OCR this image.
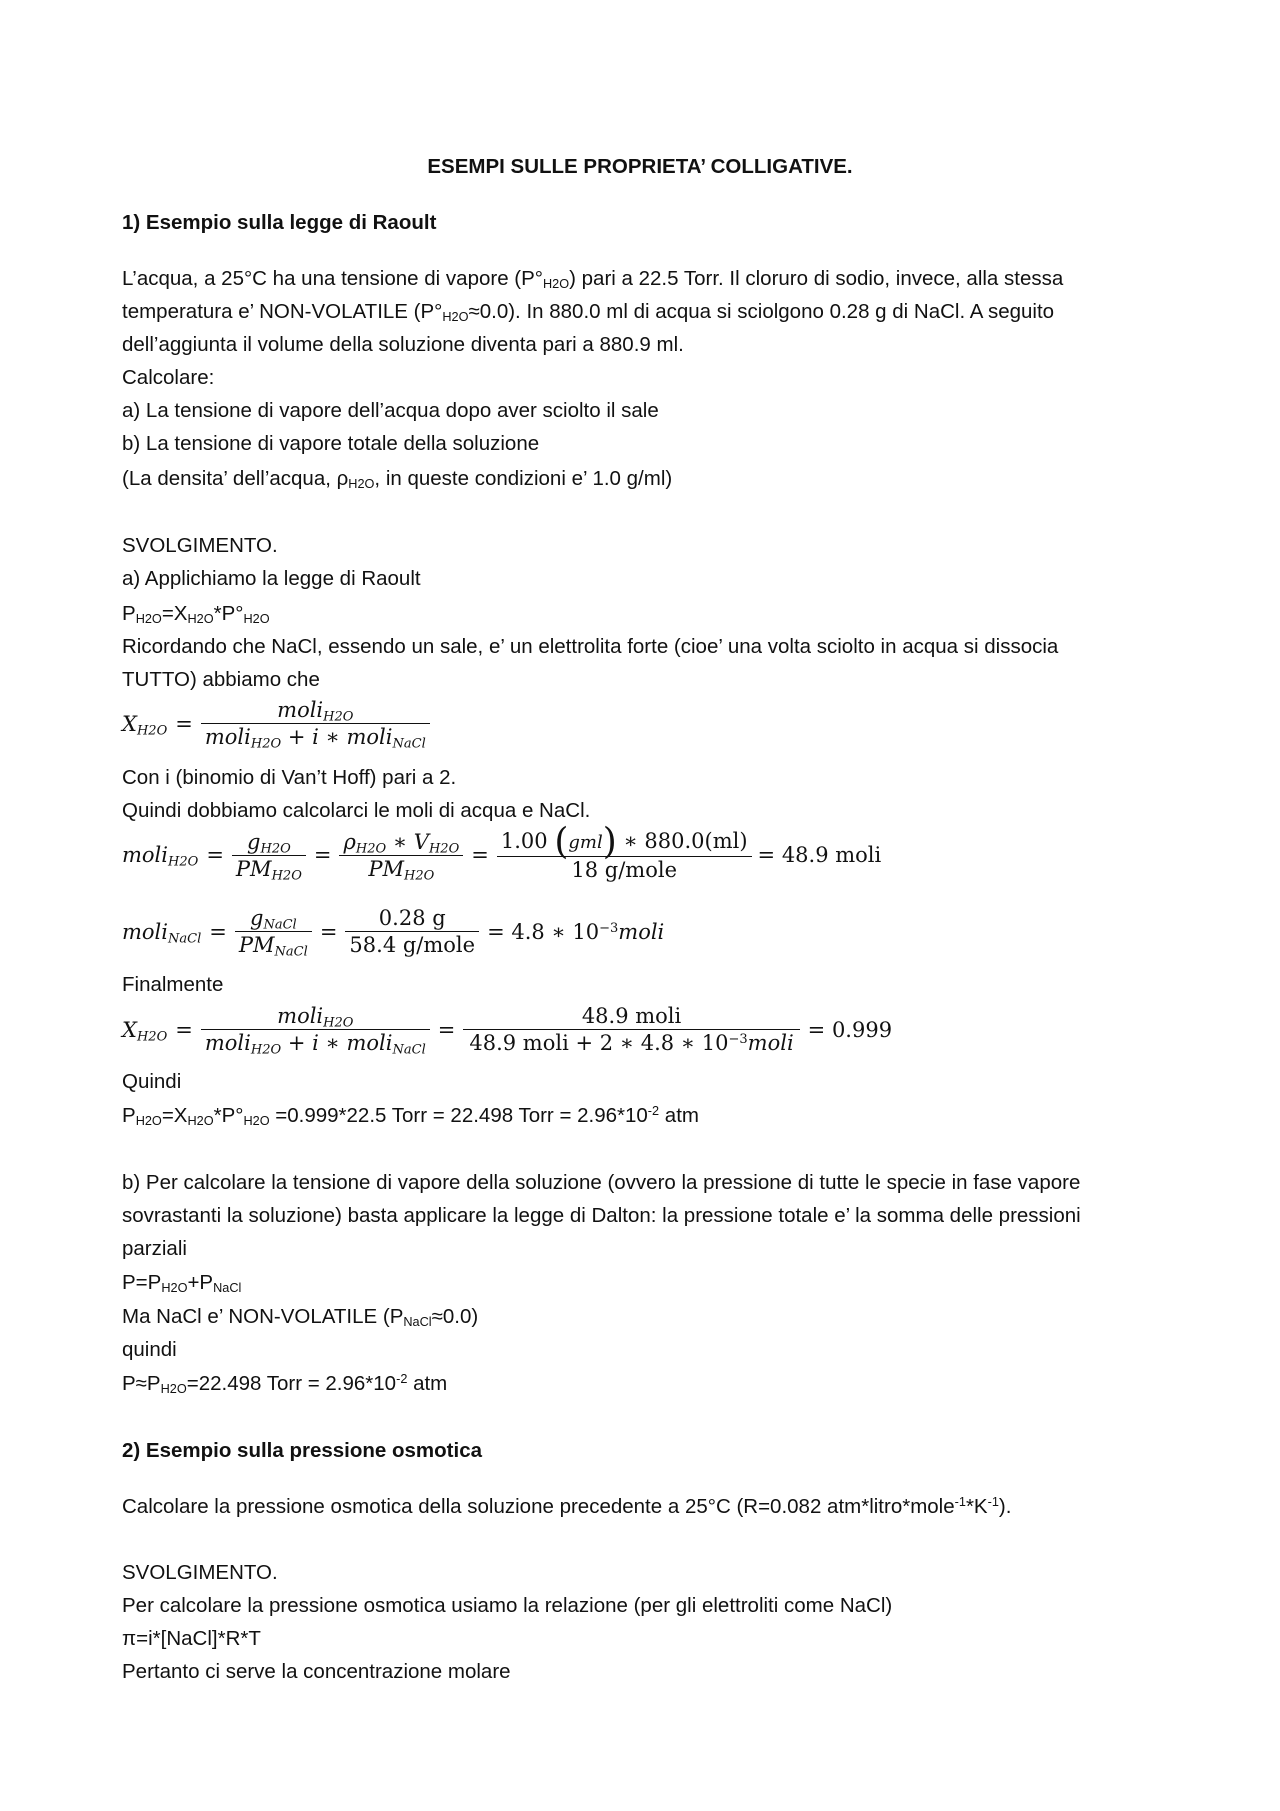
ESEMPI SULLE PROPRIETA’ COLLIGATIVE.
1) Esempio sulla legge di Raoult
L’acqua, a 25°C ha una tensione di vapore $(P^\circ_{H2O})$ pari a 22.5 Torr. Il cloruro di sodio, invece, alla stessa
temperatura e’ NON-VOLATILE $(P^\circ_{H2O}\approx 0.0)$. In 880.0 ml di acqua si sciolgono 0.28 g di NaCl. A seguito
dell’aggiunta il volume della soluzione diventa pari a 880.9 ml.
Calcolare:
a) La tensione di vapore dell’acqua dopo aver sciolto il sale
b) La tensione di vapore totale della soluzione
(La densita’ dell’acqua, $\rho_{H2O}$, in queste condizioni e’ 1.0 g/ml)
SVOLGIMENTO.
a) Applichiamo la legge di Raoult
$P_{H2O}=X_{H2O}*P^\circ_{H2O}$
Ricordando che NaCl, essendo un sale, e’ un elettrolita forte (cioe’ una volta sciolto in acqua si dissocia
TUTTO) abbiamo che
$X_{H2O} = \frac{moli_{H2O}}{moli_{H2O} + i ∗ moli_{NaCl}}$
Con i (binomio di Van’t Hoff) pari a 2.
Quindi dobbiamo calcolarci le moli di acqua e NaCl.
moli$_{H2O}$ = $\frac{g_{H2O}}{PM_{H2O}} = \frac{\rho_{H2O} ∗ V_{H2O}}{PM_{H2O}} = \frac{\text{1.00 (gml) ∗ 880.0(ml)}}{\text{18 g/mole}} = 48.9$ moli
moli$_{NaCl}$ = $\frac{g_{NaCl}}{PM_{NaCl}} = \frac{0.28 g}{\text{58.4 g/mole}} = 4.8$ ∗ $10^{-3}moli$
Finalmente
$X_{H2O} = \frac{moli_{H2O}}{moli_{H2O} + i ∗ moli_{NaCl}} = \frac{\text{48.9 moli}}{48.9 moli + 2 ∗ 4.8 ∗ 10^{-3}moli} = 0.999$
Quindi
$P_{H2O}=X_{H2O}*P^\circ_{H2O} =0.999*22.5$ Torr = 22.498 Torr = $2.96*10^{-2}$ atm
b) Per calcolare la tensione di vapore della soluzione (ovvero la pressione di tutte le specie in fase vapore
sovrastanti la soluzione) basta applicare la legge di Dalton: la pressione totale e’ la somma delle pressioni
parziali
$P=P_{H2O}+P_{NaCl}$
Ma NaCl e’ NON-VOLATILE $(P_{NaCl}\approx 0.0)$
quindi
$P\approx P_{H2O}=22.498$ Torr = $2.96*10^{-2}$ atm
2) Esempio sulla pressione osmotica
Calcolare la pressione osmotica della soluzione precedente a 25°C (R=0.082 $atm*litro*mole^{-1}*K^{-1}$).
SVOLGIMENTO.
Per calcolare la pressione osmotica usiamo la relazione (per gli elettroliti come NaCl)
π=i*[NaCl]*R*T
Pertanto ci serve la concentrazione molare
